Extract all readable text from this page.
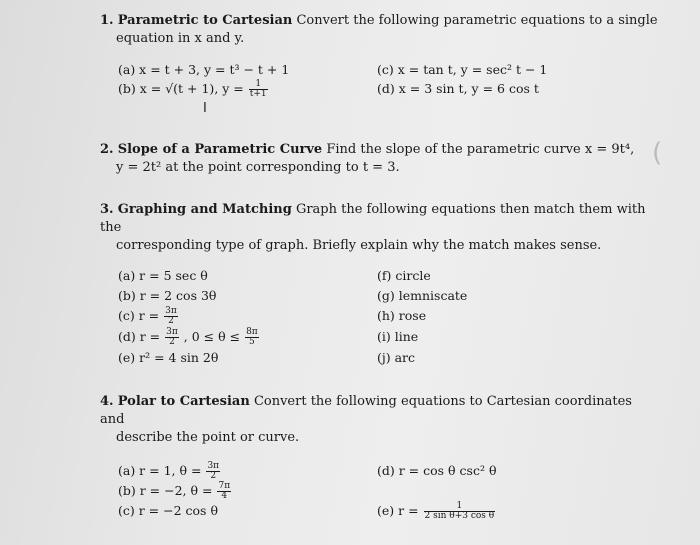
1. Parametric to Cartesian Convert the following parametric equations to a single
equation in x and y.
(a) x = t + 3, y = t³ − t + 1
(b) x = √(t + 1), $y = \frac{1}{t+1}$
(c) x = tan t, y = sec² t − 1
(d) x = 3 sin t, y = 6 cos t
Ι
2. Slope of a Parametric Curve Find the slope of the parametric curve x = 9t⁴,
y = 2t² at the point corresponding to t = 3.	(
3. Graphing and Matching Graph the following equations then match them with the
corresponding type of graph. Briefly explain why the match makes sense.
(a) r = 5 sec θ
(b) r = 2 cos 3θ
(c) $r = \frac{3\pi}{2}$
(d) $r = \frac{3\pi}{2}$ , $0 \le \theta \le \frac{8\pi}{5}$
(e) r² = 4 sin 2θ
(f) circle
(g) lemniscate
(h) rose
(i) line
(j) arc
4. Polar to Cartesian Convert the following equations to Cartesian coordinates and
describe the point or curve.
(a) r = 1, $\theta = \frac{3\pi}{2}$
(b) r = −2, $\theta = \frac{7\pi}{4}$
(c) r = −2 cos θ
(d) r = cos θ csc² θ
(e) $r = \frac{1}{\text{2 sin θ+3 cos θ}}$
